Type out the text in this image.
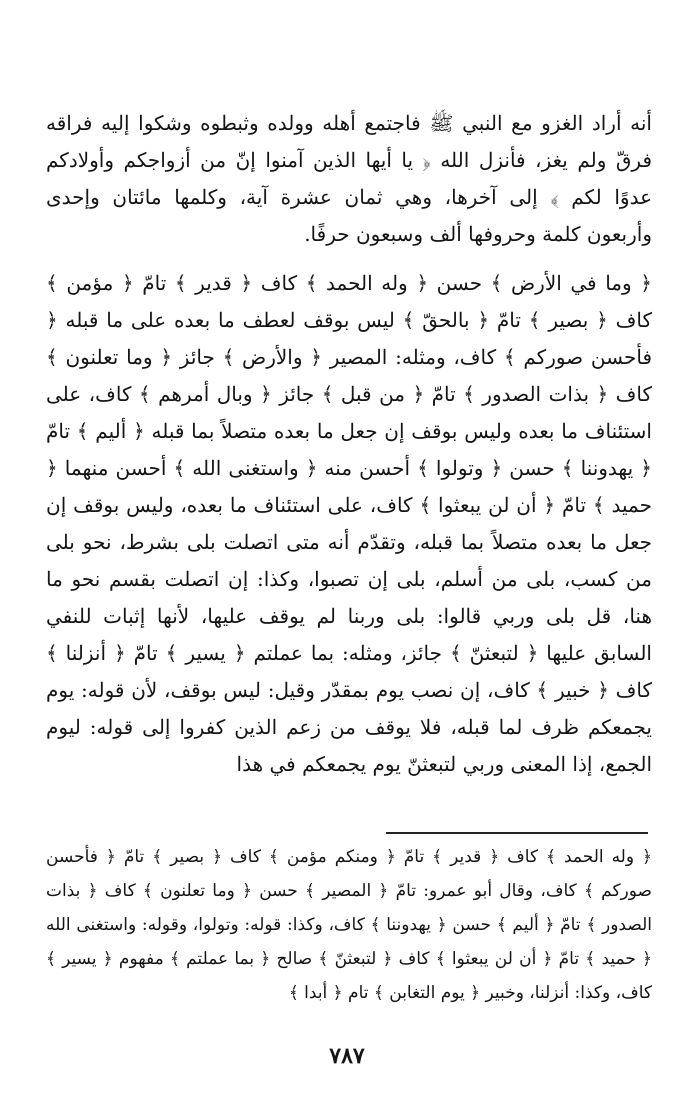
أنه أراد الغزو مع النبي ﷺ فاجتمع أهله وولده وثبطوه وشكوا إليه فراقه فرقّ ولم يغز، فأنزل الله ﴿ يا أيها الذين آمنوا إنّ من أزواجكم وأولادكم عدوًا لكم ﴾ إلى آخرها، وهي ثمان عشرة آية، وكلمها مائتان وإحدى وأربعون كلمة وحروفها ألف وسبعون حرفًا.

﴿ وما في الأرض ﴾ حسن ﴿ وله الحمد ﴾ كاف ﴿ قدير ﴾ تامّ ﴿ مؤمن ﴾ كاف ﴿ بصير ﴾ تامّ ﴿ بالحقّ ﴾ ليس بوقف لعطف ما بعده على ما قبله ﴿ فأحسن صوركم ﴾ كاف، ومثله: المصير ﴿ والأرض ﴾ جائز ﴿ وما تعلنون ﴾ كاف ﴿ بذات الصدور ﴾ تامّ ﴿ من قبل ﴾ جائز ﴿ وبال أمرهم ﴾ كاف، على استئناف ما بعده وليس بوقف إن جعل ما بعده متصلاً بما قبله ﴿ أليم ﴾ تامّ ﴿ يهدوننا ﴾ حسن ﴿ وتولوا ﴾ أحسن منه ﴿ واستغنى الله ﴾ أحسن منهما ﴿ حميد ﴾ تامّ ﴿ أن لن يبعثوا ﴾ كاف، على استئناف ما بعده، وليس بوقف إن جعل ما بعده متصلاً بما قبله، وتقدّم أنه متى اتصلت بلى بشرط، نحو بلى من كسب، بلى من أسلم، بلى إن تصبوا، وكذا: إن اتصلت بقسم نحو ما هنا، قل بلى وربي قالوا: بلى وربنا لم يوقف عليها، لأنها إثبات للنفي السابق عليها ﴿ لتبعثنّ ﴾ جائز، ومثله: بما عملتم ﴿ يسير ﴾ تامّ ﴿ أنزلنا ﴾ كاف ﴿ خبير ﴾ كاف، إن نصب يوم بمقدّر وقيل: ليس بوقف، لأن قوله: يوم يجمعكم ظرف لما قبله، فلا يوقف من زعم الذين كفروا إلى قوله: ليوم الجمع، إذا المعنى وربي لتبعثنّ يوم يجمعكم في هذا

﴿ وله الحمد ﴾ كاف ﴿ قدير ﴾ تامّ ﴿ ومنكم مؤمن ﴾ كاف ﴿ بصير ﴾ تامّ ﴿ فأحسن صوركم ﴾ كاف، وقال أبو عمرو: تامّ ﴿ المصير ﴾ حسن ﴿ وما تعلنون ﴾ كاف ﴿ بذات الصدور ﴾ تامّ ﴿ أليم ﴾ حسن ﴿ يهدوننا ﴾ كاف، وكذا: قوله: وتولوا، وقوله: واستغنى الله ﴿ حميد ﴾ تامّ ﴿ أن لن يبعثوا ﴾ كاف ﴿ لتبعثنّ ﴾ صالح ﴿ بما عملتم ﴾ مفهوم ﴿ يسير ﴾ كاف، وكذا: أنزلنا، وخبير ﴿ يوم التغابن ﴾ تام ﴿ أبدا ﴾

٧٨٧
